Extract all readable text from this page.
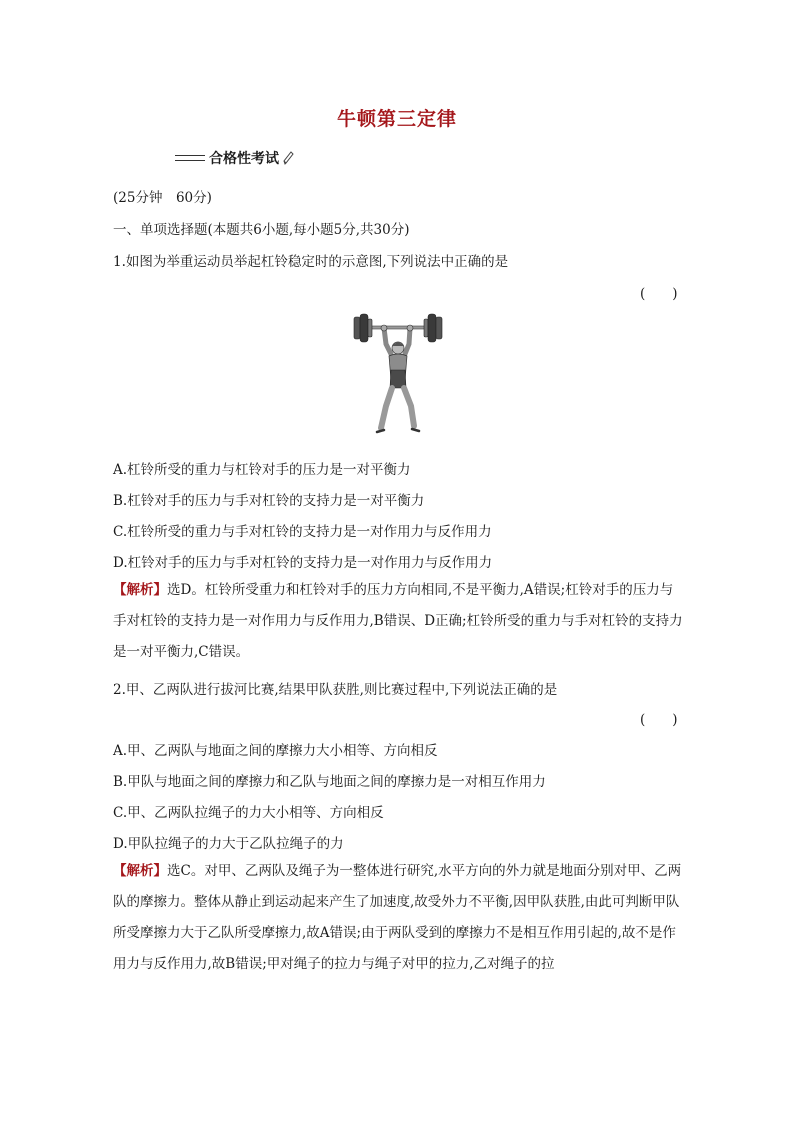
牛顿第三定律
合格性考试
(25分钟　60分)
一、单项选择题(本题共6小题,每小题5分,共30分)
1.如图为举重运动员举起杠铃稳定时的示意图,下列说法中正确的是
(　　)
A.杠铃所受的重力与杠铃对手的压力是一对平衡力
B.杠铃对手的压力与手对杠铃的支持力是一对平衡力
C.杠铃所受的重力与手对杠铃的支持力是一对作用力与反作用力
D.杠铃对手的压力与手对杠铃的支持力是一对作用力与反作用力
【解析】选D。杠铃所受重力和杠铃对手的压力方向相同,不是平衡力,A错误;杠铃对手的压力与手对杠铃的支持力是一对作用力与反作用力,B错误、D正确;杠铃所受的重力与手对杠铃的支持力是一对平衡力,C错误。
2.甲、乙两队进行拔河比赛,结果甲队获胜,则比赛过程中,下列说法正确的是
(　　)
A.甲、乙两队与地面之间的摩擦力大小相等、方向相反
B.甲队与地面之间的摩擦力和乙队与地面之间的摩擦力是一对相互作用力
C.甲、乙两队拉绳子的力大小相等、方向相反
D.甲队拉绳子的力大于乙队拉绳子的力
【解析】选C。对甲、乙两队及绳子为一整体进行研究,水平方向的外力就是地面分别对甲、乙两队的摩擦力。整体从静止到运动起来产生了加速度,故受外力不平衡,因甲队获胜,由此可判断甲队所受摩擦力大于乙队所受摩擦力,故A错误;由于两队受到的摩擦力不是相互作用引起的,故不是作用力与反作用力,故B错误;甲对绳子的拉力与绳子对甲的拉力,乙对绳子的拉
